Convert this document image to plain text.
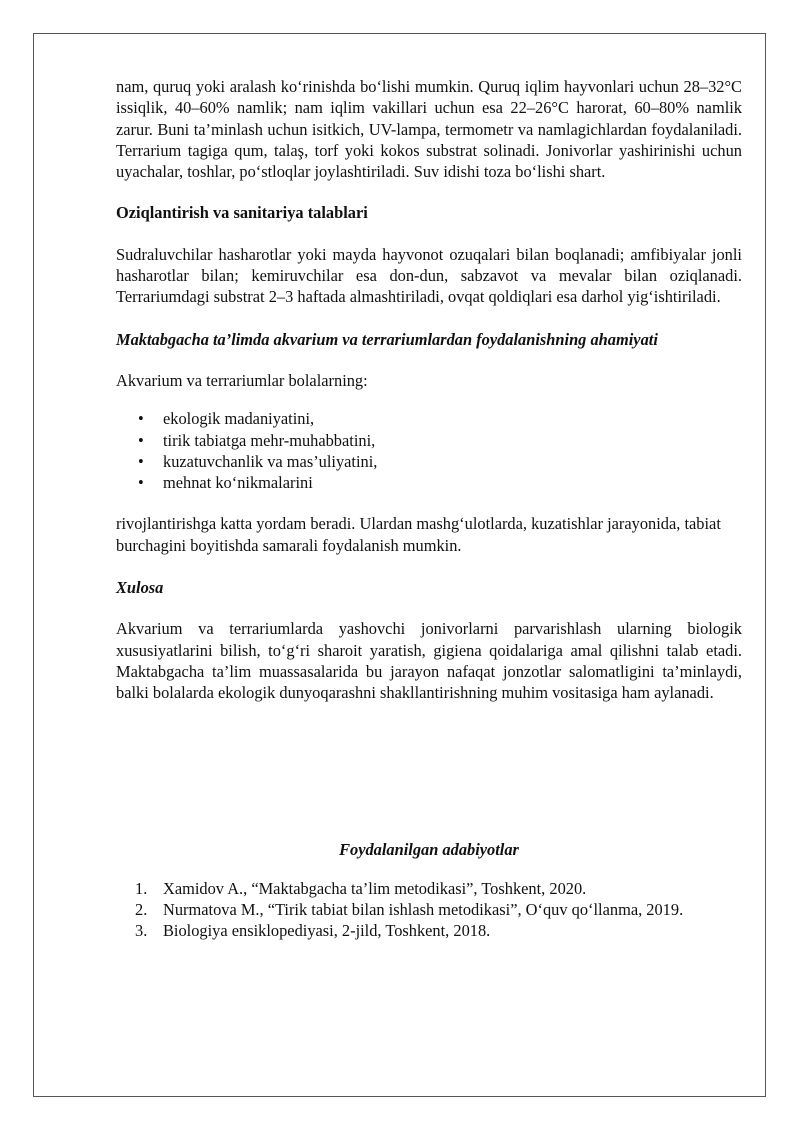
nam, quruq yoki aralash ko‘rinishda bo‘lishi mumkin. Quruq iqlim hayvonlari uchun 28–32°C issiqlik, 40–60% namlik; nam iqlim vakillari uchun esa 22–26°C harorat, 60–80% namlik zarur. Buni ta’minlash uchun isitkich, UV-lampa, termometr va namlagichlardan foydalaniladi. Terrarium tagiga qum, talaş, torf yoki kokos substrat solinadi. Jonivorlar yashirinishi uchun uyachalar, toshlar, po‘stloqlar joylashtiriladi. Suv idishi toza bo‘lishi shart.

Oziqlantirish va sanitariya talablari

Sudraluvchilar hasharotlar yoki mayda hayvonot ozuqalari bilan boqlanadi; amfibiyalar jonli hasharotlar bilan; kemiruvchilar esa don-dun, sabzavot va mevalar bilan oziqlanadi. Terrariumdagi substrat 2–3 haftada almashtiriladi, ovqat qoldiqlari esa darhol yig‘ishtiriladi.

Maktabgacha ta’limda akvarium va terrariumlardan foydalanishning ahamiyati

Akvarium va terrariumlar bolalarning:

• ekologik madaniyatini,
• tirik tabiatga mehr-muhabbatini,
• kuzatuvchanlik va mas’uliyatini,
• mehnat ko‘nikmalarini

rivojlantirishga katta yordam beradi. Ulardan mashg‘ulotlarda, kuzatishlar jarayonida, tabiat burchagini boyitishda samarali foydalanish mumkin.

Xulosa

Akvarium va terrariumlarda yashovchi jonivorlarni parvarishlash ularning biologik xususiyatlarini bilish, to‘g‘ri sharoit yaratish, gigiena qoidalariga amal qilishni talab etadi. Maktabgacha ta’lim muassasalarida bu jarayon nafaqat jonzotlar salomatligini ta’minlaydi, balki bolalarda ekologik dunyoqarashni shakllantirishning muhim vositasiga ham aylanadi.

Foydalanilgan adabiyotlar

1. Xamidov A., “Maktabgacha ta’lim metodikasi”, Toshkent, 2020.
2. Nurmatova M., “Tirik tabiat bilan ishlash metodikasi”, O‘quv qo‘llanma, 2019.
3. Biologiya ensiklopediyasi, 2-jild, Toshkent, 2018.
